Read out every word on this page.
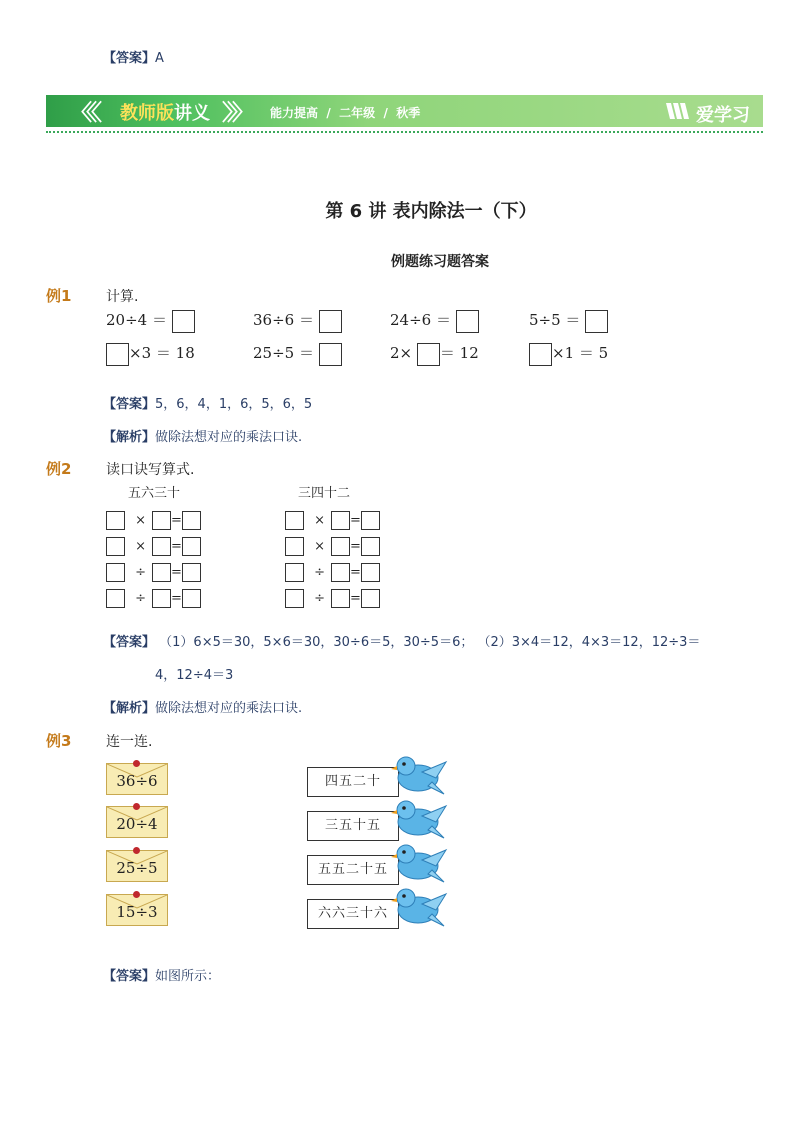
【答案】A
〈〈〈 教师版讲义 〉〉〉 能力提高 / 二年级 / 秋季	爱学习
第 6 讲 表内除法一（下）
例题练习题答案
例1 计算.
20÷4 ＝	36÷6 ＝	24÷6 ＝	5÷5 ＝
×3 ＝ 18	25÷5 ＝	2× ＝ 12	×1 ＝ 5
【答案】5，6，4，1，6，5，6，5
【解析】做除法想对应的乘法口诀.
例2 读口诀写算式.
五六三十	三四十二
× =
× =
÷ =
÷ =
× =
× =
÷ =
÷ =
【答案】 （1）6×5＝30，5×6＝30，30÷6＝5，30÷5＝6； （2）3×4＝12，4×3＝12，12÷3＝
4，12÷4＝3
【解析】做除法想对应的乘法口诀.
例3 连一连.
36÷6
20÷4
25÷5
15÷3
四五二十
三五十五
五五二十五
六六三十六
【答案】如图所示：
